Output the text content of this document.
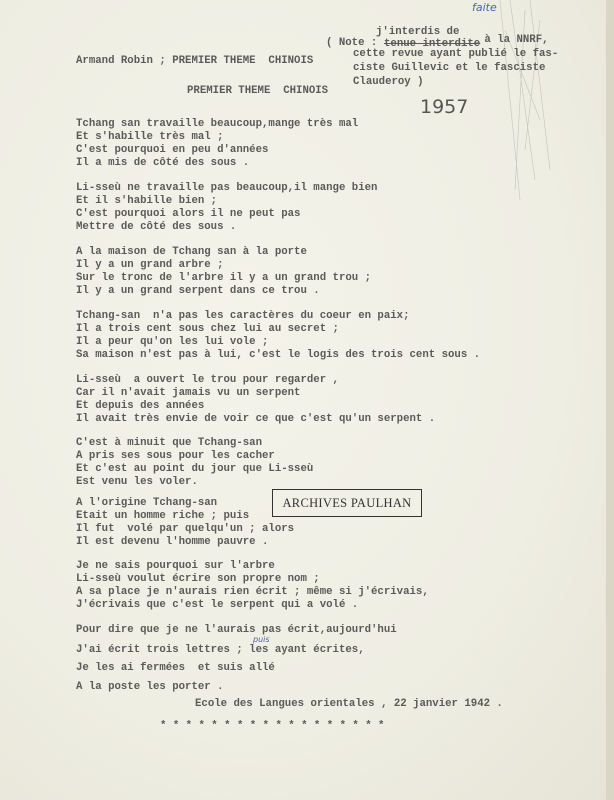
Armand Robin ; PREMIER THEME  CHINOIS
( Note : tenue interdite
j'interdis de
faite
à la NNRF,
cette revue ayant publié le fas-
ciste Guillevic et le fasciste
Clauderoy )
1957
PREMIER THEME  CHINOIS
Tchang san travaille beaucoup,mange très mal
Et s'habille très mal ;
C'est pourquoi en peu d'années
Il a mis de côté des sous .
Li-sseù ne travaille pas beaucoup,il mange bien
Et il s'habille bien ;
C'est pourquoi alors il ne peut pas
Mettre de côté des sous .
A la maison de Tchang san à la porte
Il y a un grand arbre ;
Sur le tronc de l'arbre il y a un grand trou ;
Il y a un grand serpent dans ce trou .
Tchang-san  n'a pas les caractères du coeur en paix;
Il a trois cent sous chez lui au secret ;
Il a peur qu'on les lui vole ;
Sa maison n'est pas à lui, c'est le logis des trois cent sous .
Li-sseù  a ouvert le trou pour regarder ,
Car il n'avait jamais vu un serpent
Et depuis des années
Il avait très envie de voir ce que c'est qu'un serpent .
C'est à minuit que Tchang-san
A pris ses sous pour les cacher
Et c'est au point du jour que Li-sseù
Est venu les voler.
A l'origine Tchang-san
Etait un homme riche ; puis
Il fut  volé par quelqu'un ; alors
Il est devenu l'homme pauvre .
Je ne sais pourquoi sur l'arbre
Li-sseù voulut écrire son propre nom ;
A sa place je n'aurais rien écrit ; même si j'écrivais,
J'écrivais que c'est le serpent qui a volé .
Pour dire que je ne l'aurais pas écrit,aujourd'hui
J'ai écrit trois lettres ; les ayant écrites,
puis
Je les ai fermées  et suis allé
A la poste les porter .
Ecole des Langues orientales , 22 janvier 1942 .
* * * * * * * * * * * * * * * * * *
ARCHIVES PAULHAN
